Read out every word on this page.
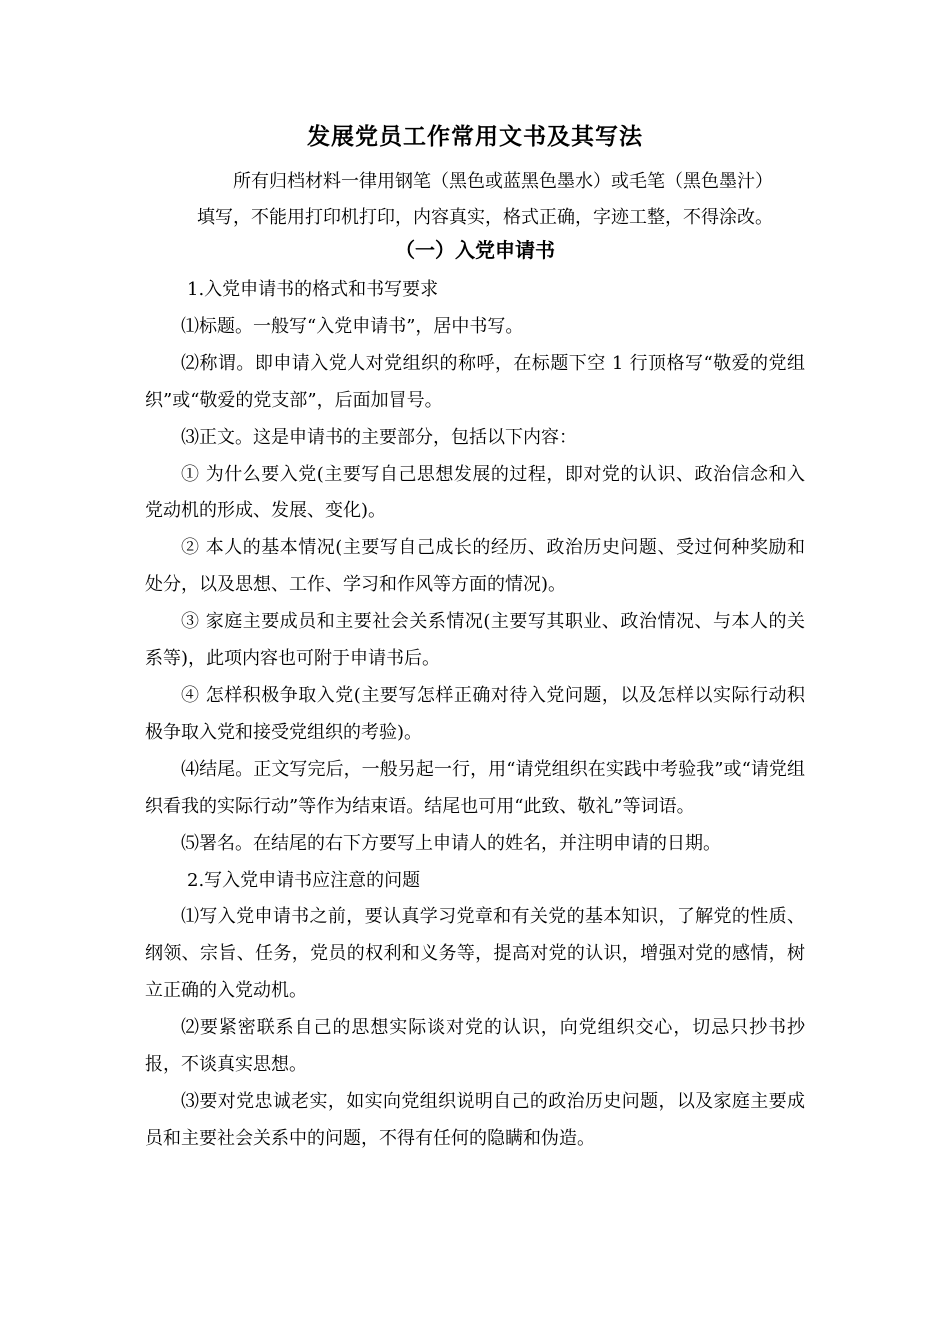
发展党员工作常用文书及其写法
所有归档材料一律用钢笔（黑色或蓝黑色墨水）或毛笔（黑色墨汁）
填写，不能用打印机打印，内容真实，格式正确，字迹工整，不得涂改。
（一）入党申请书

1.入党申请书的格式和书写要求

⑴标题。一般写“入党申请书”，居中书写。

⑵称谓。即申请入党人对党组织的称呼，在标题下空 1 行顶格写“敬爱的党组织”或“敬爱的党支部”，后面加冒号。

⑶正文。这是申请书的主要部分，包括以下内容：

① 为什么要入党(主要写自己思想发展的过程，即对党的认识、政治信念和入党动机的形成、发展、变化)。

② 本人的基本情况(主要写自己成长的经历、政治历史问题、受过何种奖励和处分，以及思想、工作、学习和作风等方面的情况)。

③ 家庭主要成员和主要社会关系情况(主要写其职业、政治情况、与本人的关系等)，此项内容也可附于申请书后。

④ 怎样积极争取入党(主要写怎样正确对待入党问题，以及怎样以实际行动积极争取入党和接受党组织的考验)。

⑷结尾。正文写完后，一般另起一行，用“请党组织在实践中考验我”或“请党组织看我的实际行动”等作为结束语。结尾也可用“此致、敬礼”等词语。

⑸署名。在结尾的右下方要写上申请人的姓名，并注明申请的日期。

2.写入党申请书应注意的问题

⑴写入党申请书之前，要认真学习党章和有关党的基本知识，了解党的性质、纲领、宗旨、任务，党员的权利和义务等，提高对党的认识，增强对党的感情，树立正确的入党动机。

⑵要紧密联系自己的思想实际谈对党的认识，向党组织交心，切忌只抄书抄报，不谈真实思想。

⑶要对党忠诚老实，如实向党组织说明自己的政治历史问题，以及家庭主要成员和主要社会关系中的问题，不得有任何的隐瞒和伪造。
